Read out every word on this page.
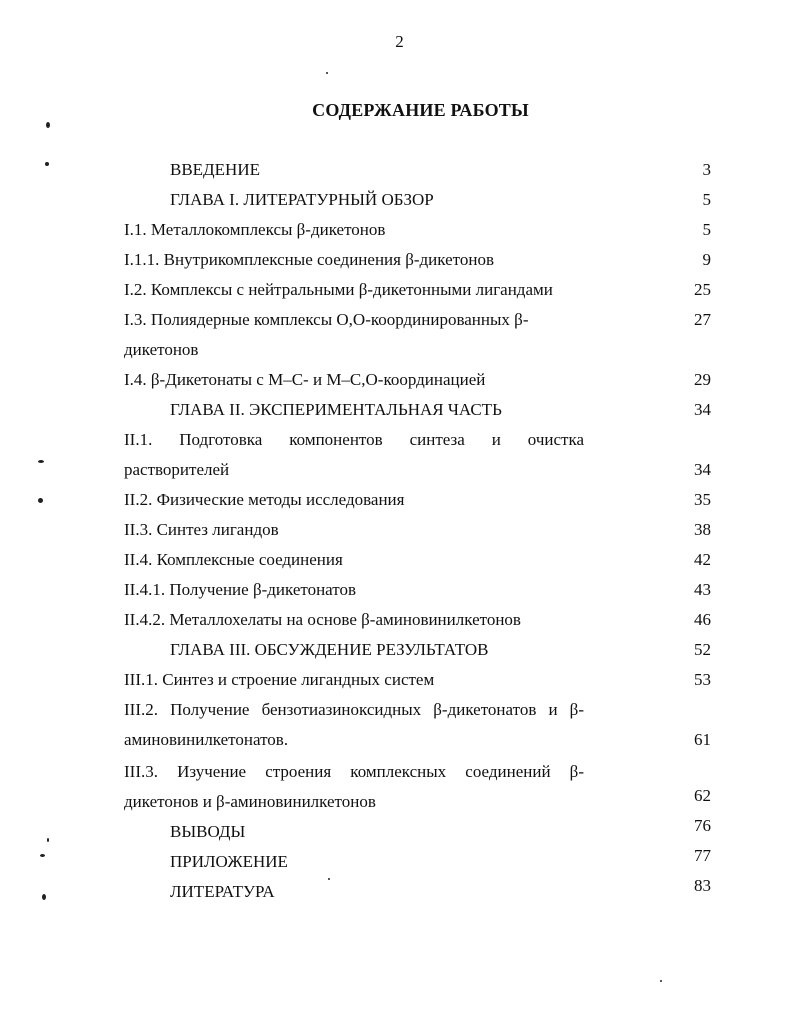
2
СОДЕРЖАНИЕ РАБОТЫ
ВВЕДЕНИЕ	3
ГЛАВА I. ЛИТЕРАТУРНЫЙ ОБЗОР	5
I.1. Металлокомплексы β-дикетонов	5
I.1.1. Внутрикомплексные соединения β-дикетонов	9
I.2. Комплексы с нейтральными β-дикетонными лигандами	25
I.3. Полиядерные комплексы O,O-координированных β-	27
дикетонов
I.4. β-Дикетонаты с M–C- и M–C,O-координацией	29
ГЛАВА II. ЭКСПЕРИМЕНТАЛЬНАЯ ЧАСТЬ	34
II.1. Подготовка компонентов синтеза и очистка
растворителей	34
II.2. Физические методы исследования	35
II.3. Синтез лигандов	38
II.4. Комплексные соединения	42
II.4.1. Получение β-дикетонатов	43
II.4.2. Металлохелаты на основе β-аминовинилкетонов	46
ГЛАВА III. ОБСУЖДЕНИЕ РЕЗУЛЬТАТОВ	52
III.1. Синтез и строение лигандных систем	53
III.2. Получение бензотиазиноксидных β-дикетонатов и β-
аминовинилкетонатов.	61
III.3. Изучение строения комплексных соединений β-
дикетонов и β-аминовинилкетонов	62
ВЫВОДЫ	76
ПРИЛОЖЕНИЕ	77
ЛИТЕРАТУРА	83
